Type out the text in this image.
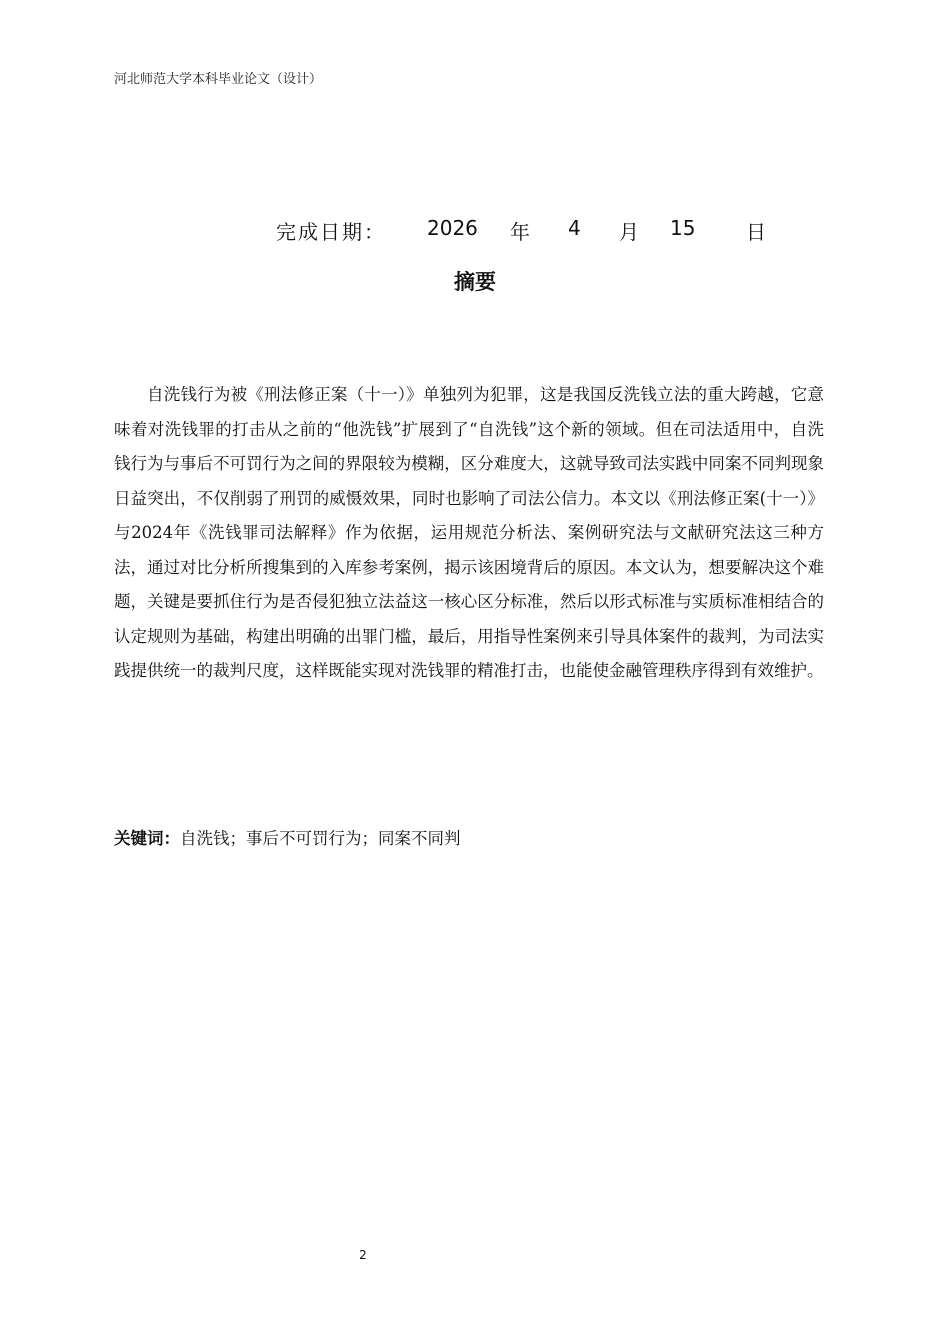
河北师范大学本科毕业论文（设计）
完成日期： 2026 年 4 月 15	日
摘要

自洗钱行为被《刑法修正案（十一）》单独列为犯罪，这是我国反洗钱立法的重大跨越，它意味着对洗钱罪的打击从之前的“他洗钱”扩展到了“自洗钱”这个新的领域。但在司法适用中，自洗钱行为与事后不可罚行为之间的界限较为模糊，区分难度大，这就导致司法实践中同案不同判现象日益突出，不仅削弱了刑罚的威慑效果，同时也影响了司法公信力。本文以《刑法修正案(十一）》与2024年《洗钱罪司法解释》作为依据，运用规范分析法、案例研究法与文献研究法这三种方法，通过对比分析所搜集到的入库参考案例，揭示该困境背后的原因。本文认为，想要解决这个难题，关键是要抓住行为是否侵犯独立法益这一核心区分标准，然后以形式标准与实质标准相结合的认定规则为基础，构建出明确的出罪门槛，最后，用指导性案例来引导具体案件的裁判，为司法实践提供统一的裁判尺度，这样既能实现对洗钱罪的精准打击，也能使金融管理秩序得到有效维护。

关键词：自洗钱；事后不可罚行为；同案不同判
2
